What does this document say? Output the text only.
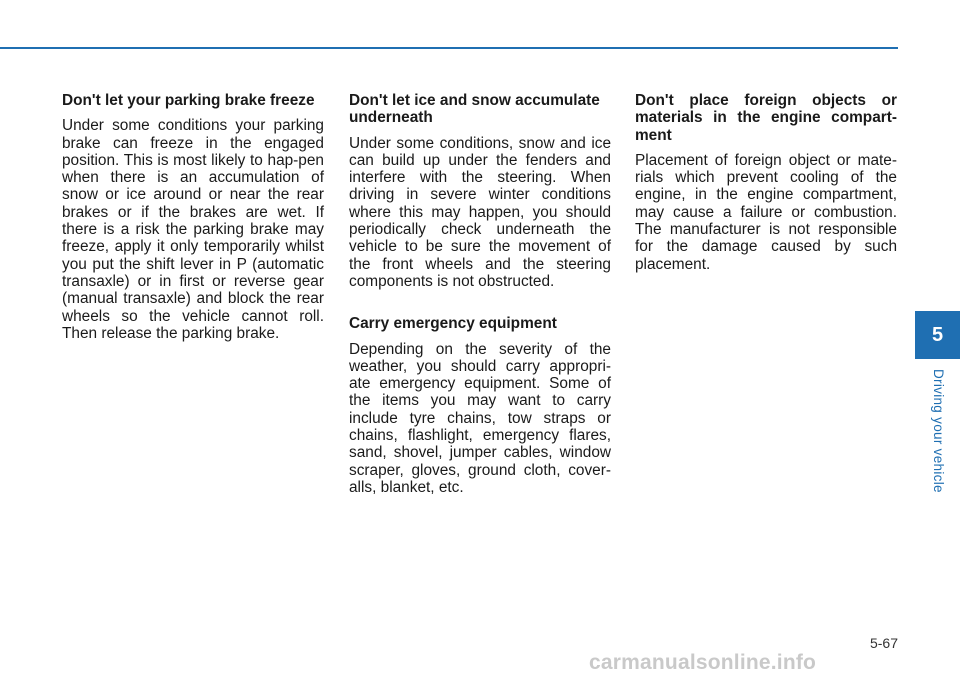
Don't let your parking brake freeze
Under some conditions your parking brake can freeze in the engaged position. This is most likely to hap-pen when there is an accumulation of snow or ice around or near the rear brakes or if the brakes are wet. If there is a risk the parking brake may freeze, apply it only temporarily whilst you put the shift lever in P (automatic transaxle) or in first or reverse gear (manual transaxle) and block the rear wheels so the vehicle cannot roll. Then release the parking brake.
Don't let ice and snow accumulate underneath
Under some conditions, snow and ice can build up under the fenders and interfere with the steering. When driving in severe winter conditions where this may happen, you should periodically check underneath the vehicle to be sure the movement of the front wheels and the steering components is not obstructed.
Carry emergency equipment
Depending on the severity of the weather, you should carry appropri-ate emergency equipment. Some of the items you may want to carry include tyre chains, tow straps or chains, flashlight, emergency flares, sand, shovel, jumper cables, window scraper, gloves, ground cloth, cover-alls, blanket, etc.
Don't place foreign objects or materials in the engine compart-ment
Placement of foreign object or mate-rials which prevent cooling of the engine, in the engine compartment, may cause a failure or combustion. The manufacturer is not responsible for the damage caused by such placement.
5
Driving your vehicle
5-67
carmanualsonline.info
